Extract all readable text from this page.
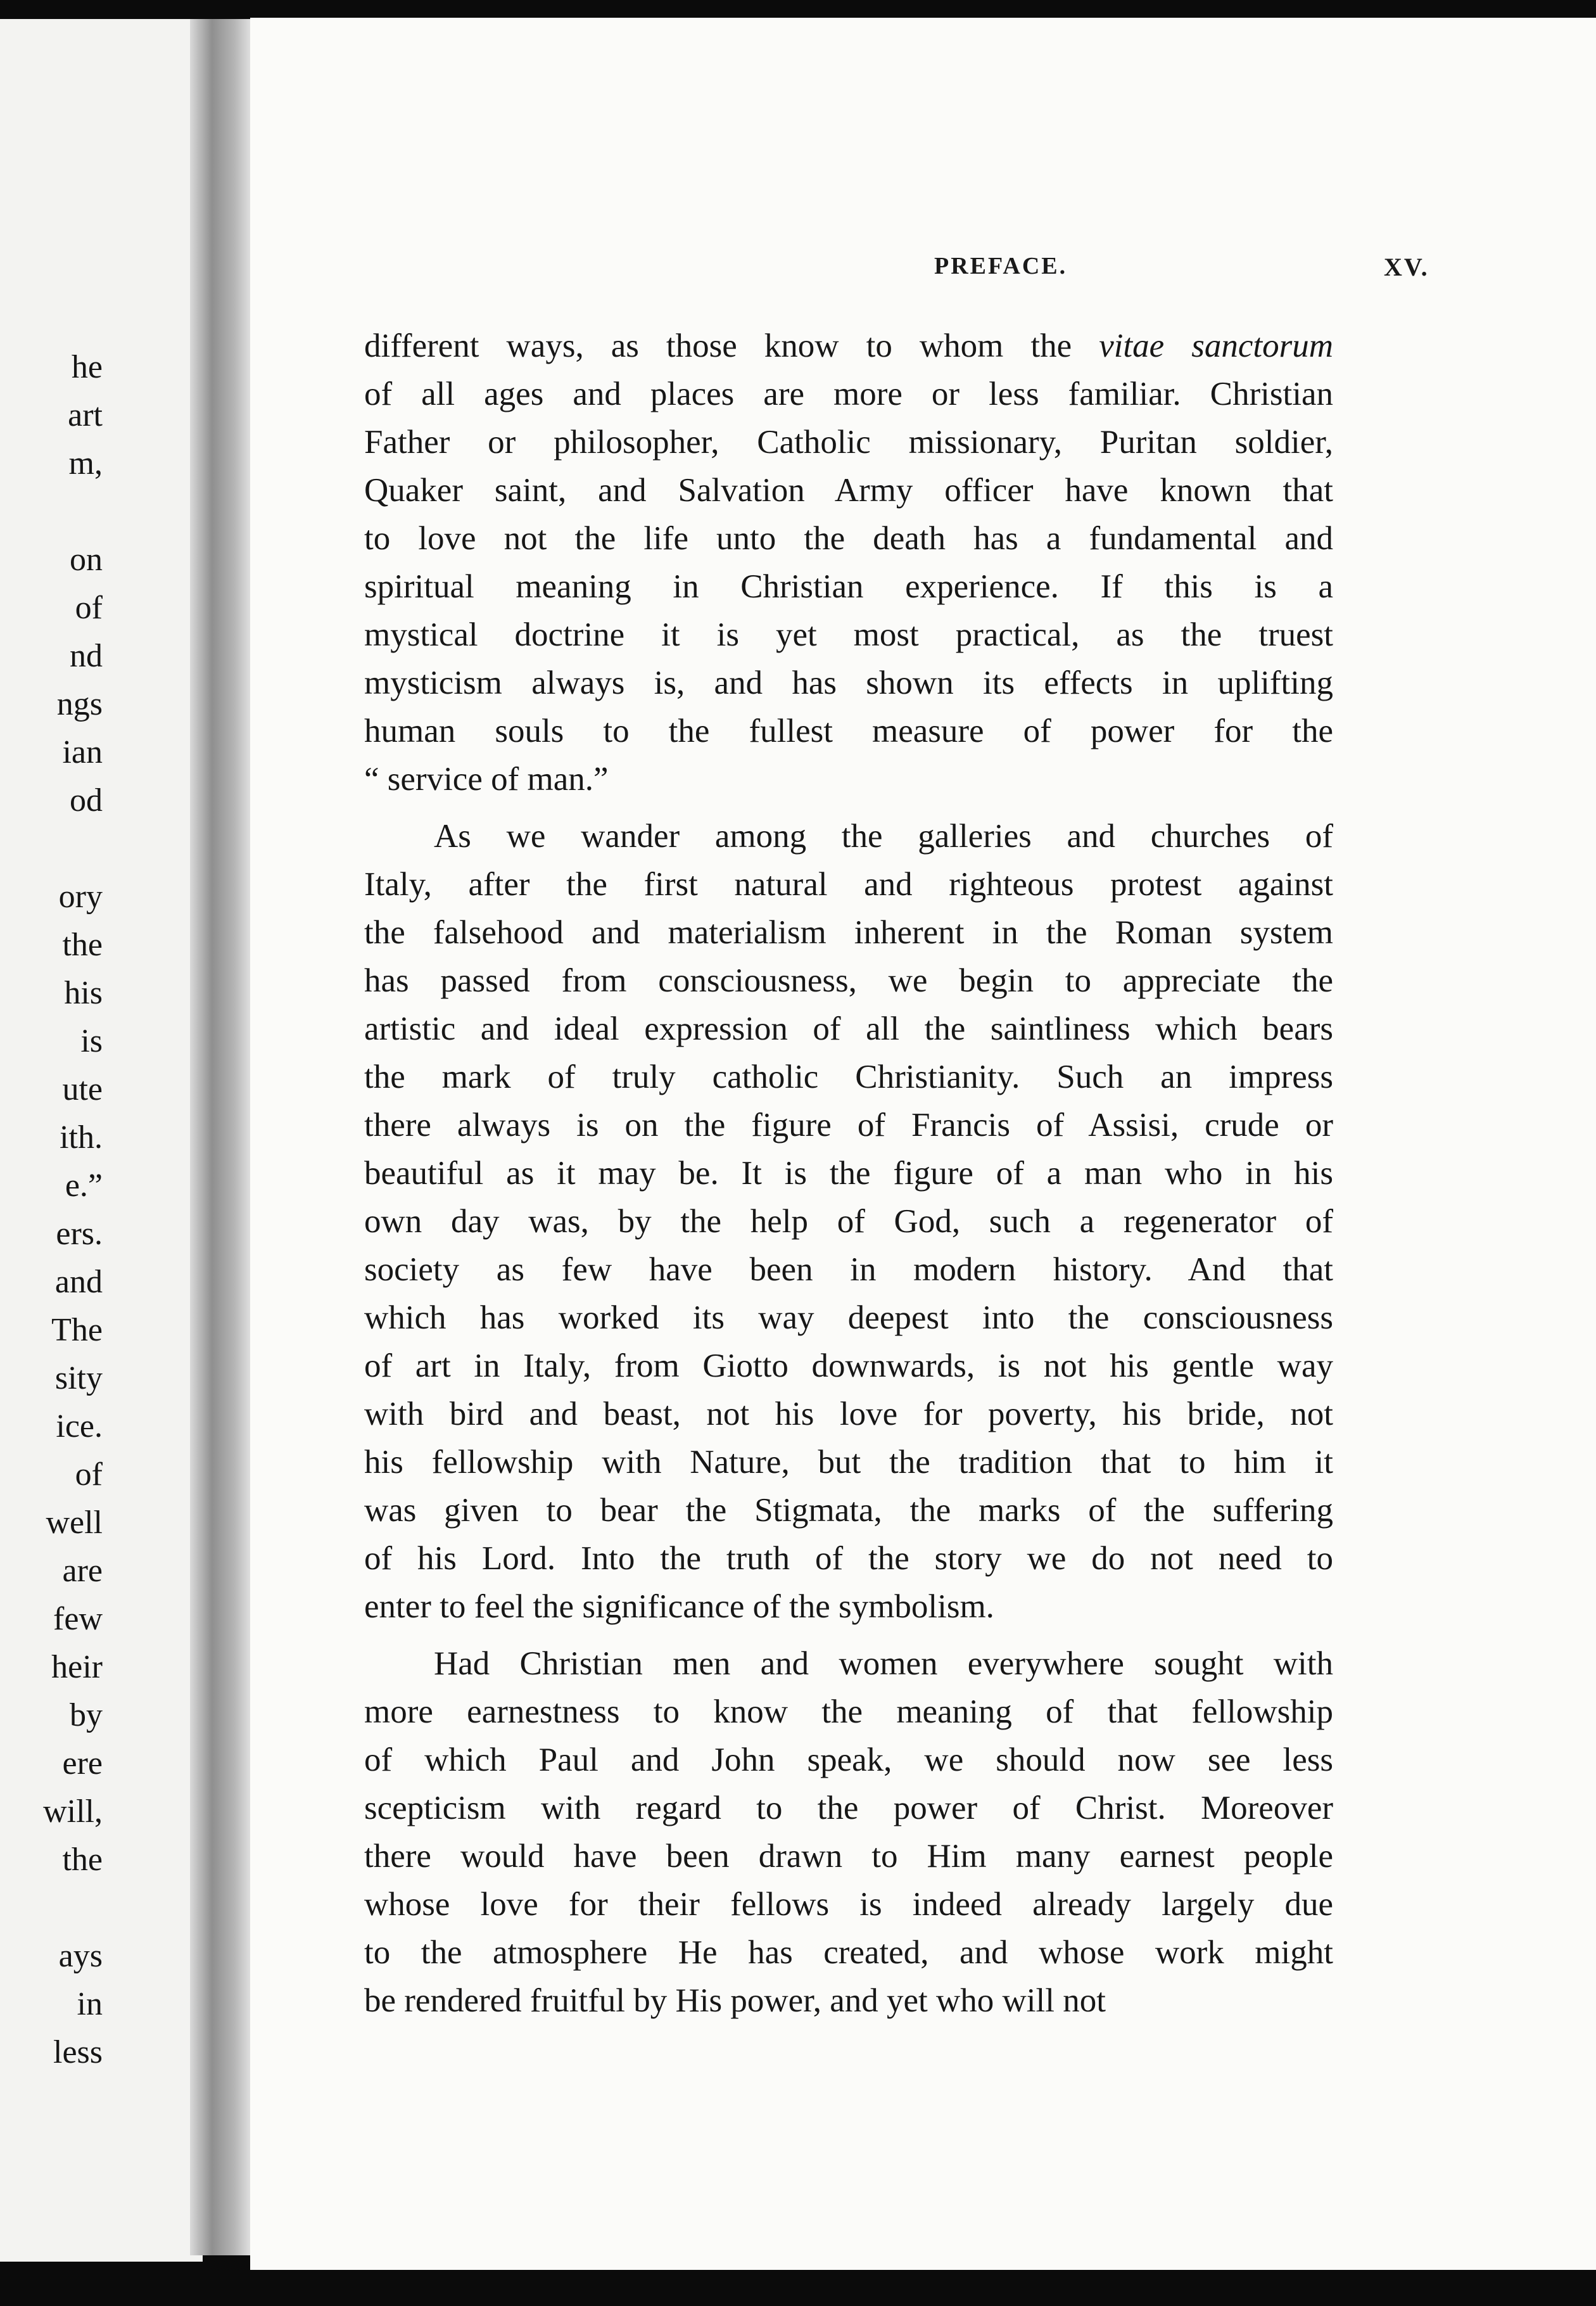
he
art
m,
on
of
nd
ngs
ian
od
ory
the
his
is
ute
ith.
e.”
ers.
and
The
sity
ice.
of
well
are
few
heir
by
ere
will,
the
ays
in
less
PREFACE.	XV.
different ways, as those know to whom the vitae sanctorum
of all ages and places are more or less familiar. Christian
Father or philosopher, Catholic missionary, Puritan soldier,
Quaker saint, and Salvation Army officer have known that
to love not the life unto the death has a fundamental and
spiritual meaning in Christian experience. If this is a
mystical doctrine it is yet most practical, as the truest
mysticism always is, and has shown its effects in uplifting
human souls to the fullest measure of power for the
“ service of man.”
As we wander among the galleries and churches of
Italy, after the first natural and righteous protest against
the falsehood and materialism inherent in the Roman system
has passed from consciousness, we begin to appreciate the
artistic and ideal expression of all the saintliness which bears
the mark of truly catholic Christianity. Such an impress
there always is on the figure of Francis of Assisi, crude or
beautiful as it may be. It is the figure of a man who in his
own day was, by the help of God, such a regenerator of
society as few have been in modern history. And that
which has worked its way deepest into the consciousness
of art in Italy, from Giotto downwards, is not his gentle way
with bird and beast, not his love for poverty, his bride, not
his fellowship with Nature, but the tradition that to him it
was given to bear the Stigmata, the marks of the suffering
of his Lord. Into the truth of the story we do not need to
enter to feel the significance of the symbolism.
Had Christian men and women everywhere sought with
more earnestness to know the meaning of that fellowship
of which Paul and John speak, we should now see less
scepticism with regard to the power of Christ. Moreover
there would have been drawn to Him many earnest people
whose love for their fellows is indeed already largely due
to the atmosphere He has created, and whose work might
be rendered fruitful by His power, and yet who will not
